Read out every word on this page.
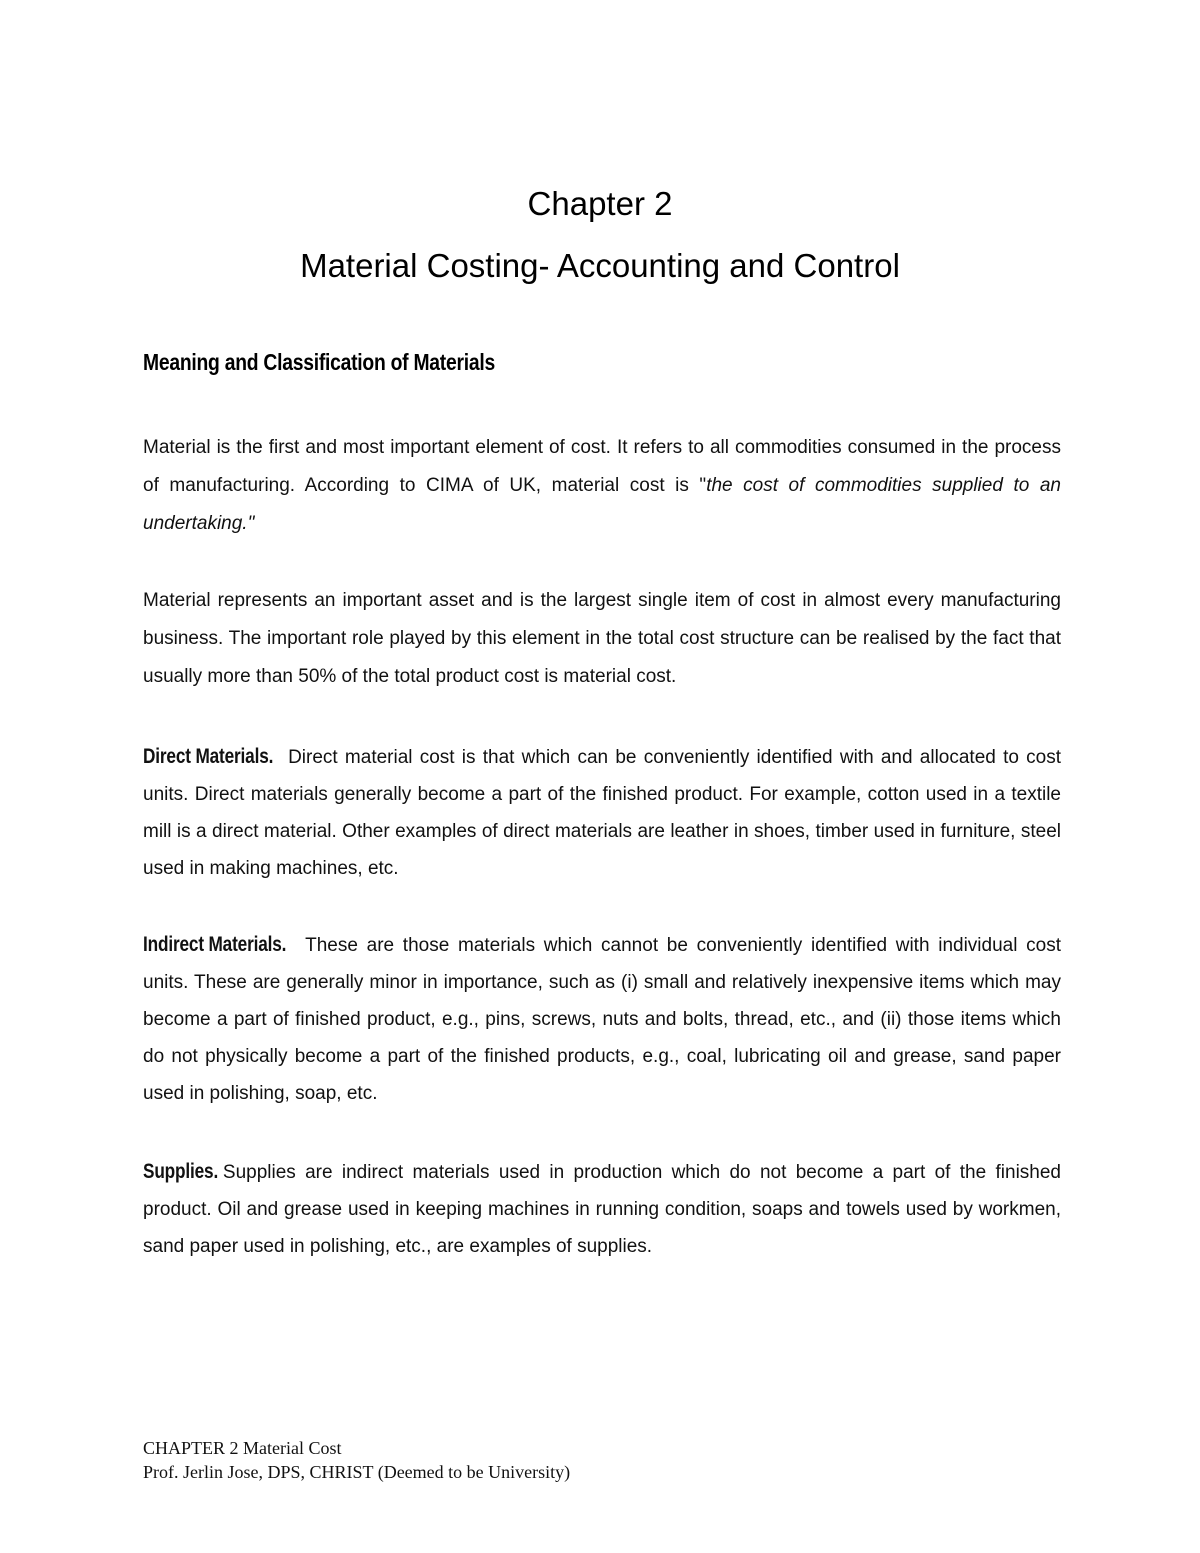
Chapter 2
Material Costing- Accounting and Control
Meaning and Classification of Materials

Material is the first and most important element of cost. It refers to all commodities consumed in the process of manufacturing. According to CIMA of UK, material cost is "the cost of commodities supplied to an undertaking."

Material represents an important asset and is the largest single item of cost in almost every manufacturing business. The important role played by this element in the total cost structure can be realised by the fact that usually more than 50% of the total product cost is material cost.

Direct Materials. Direct material cost is that which can be conveniently identified with and allocated to cost units. Direct materials generally become a part of the finished product. For example, cotton used in a textile mill is a direct material. Other examples of direct materials are leather in shoes, timber used in furniture, steel used in making machines, etc.

Indirect Materials. These are those materials which cannot be conveniently identified with individual cost units. These are generally minor in importance, such as (i) small and relatively inexpensive items which may become a part of finished product, e.g., pins, screws, nuts and bolts, thread, etc., and (ii) those items which do not physically become a part of the finished products, e.g., coal, lubricating oil and grease, sand paper used in polishing, soap, etc.

Supplies. Supplies are indirect materials used in production which do not become a part of the finished product. Oil and grease used in keeping machines in running condition, soaps and towels used by workmen, sand paper used in polishing, etc., are examples of supplies.

CHAPTER 2 Material Cost
Prof. Jerlin Jose, DPS, CHRIST (Deemed to be University)
